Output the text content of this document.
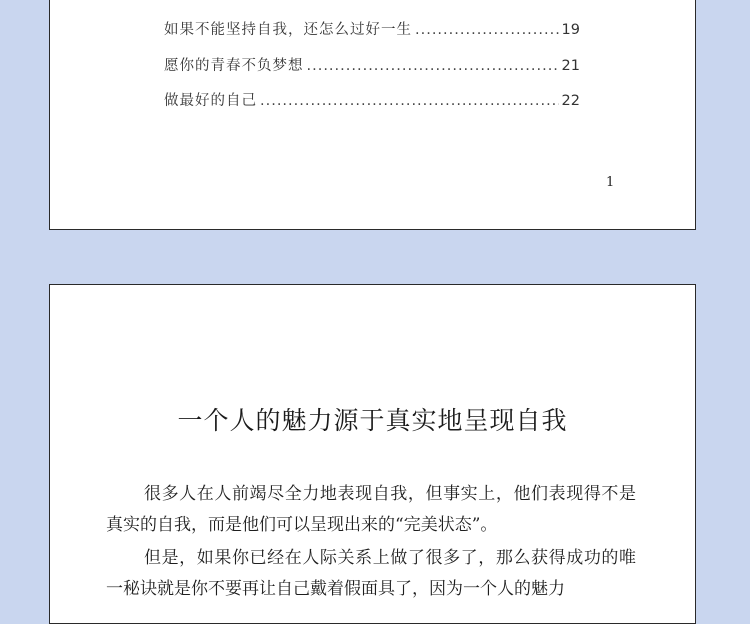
如果不能坚持自我，还怎么过好一生 .....	19
愿你的青春不负梦想 .....	21
做最好的自己 .....	22
1
一个人的魅力源于真实地呈现自我

很多人在人前竭尽全力地表现自我，但事实上，他们表现得不是真实的自我，而是他们可以呈现出来的“完美状态”。

但是，如果你已经在人际关系上做了很多了，那么获得成功的唯一秘诀就是你不要再让自己戴着假面具了，因为一个人的魅力
